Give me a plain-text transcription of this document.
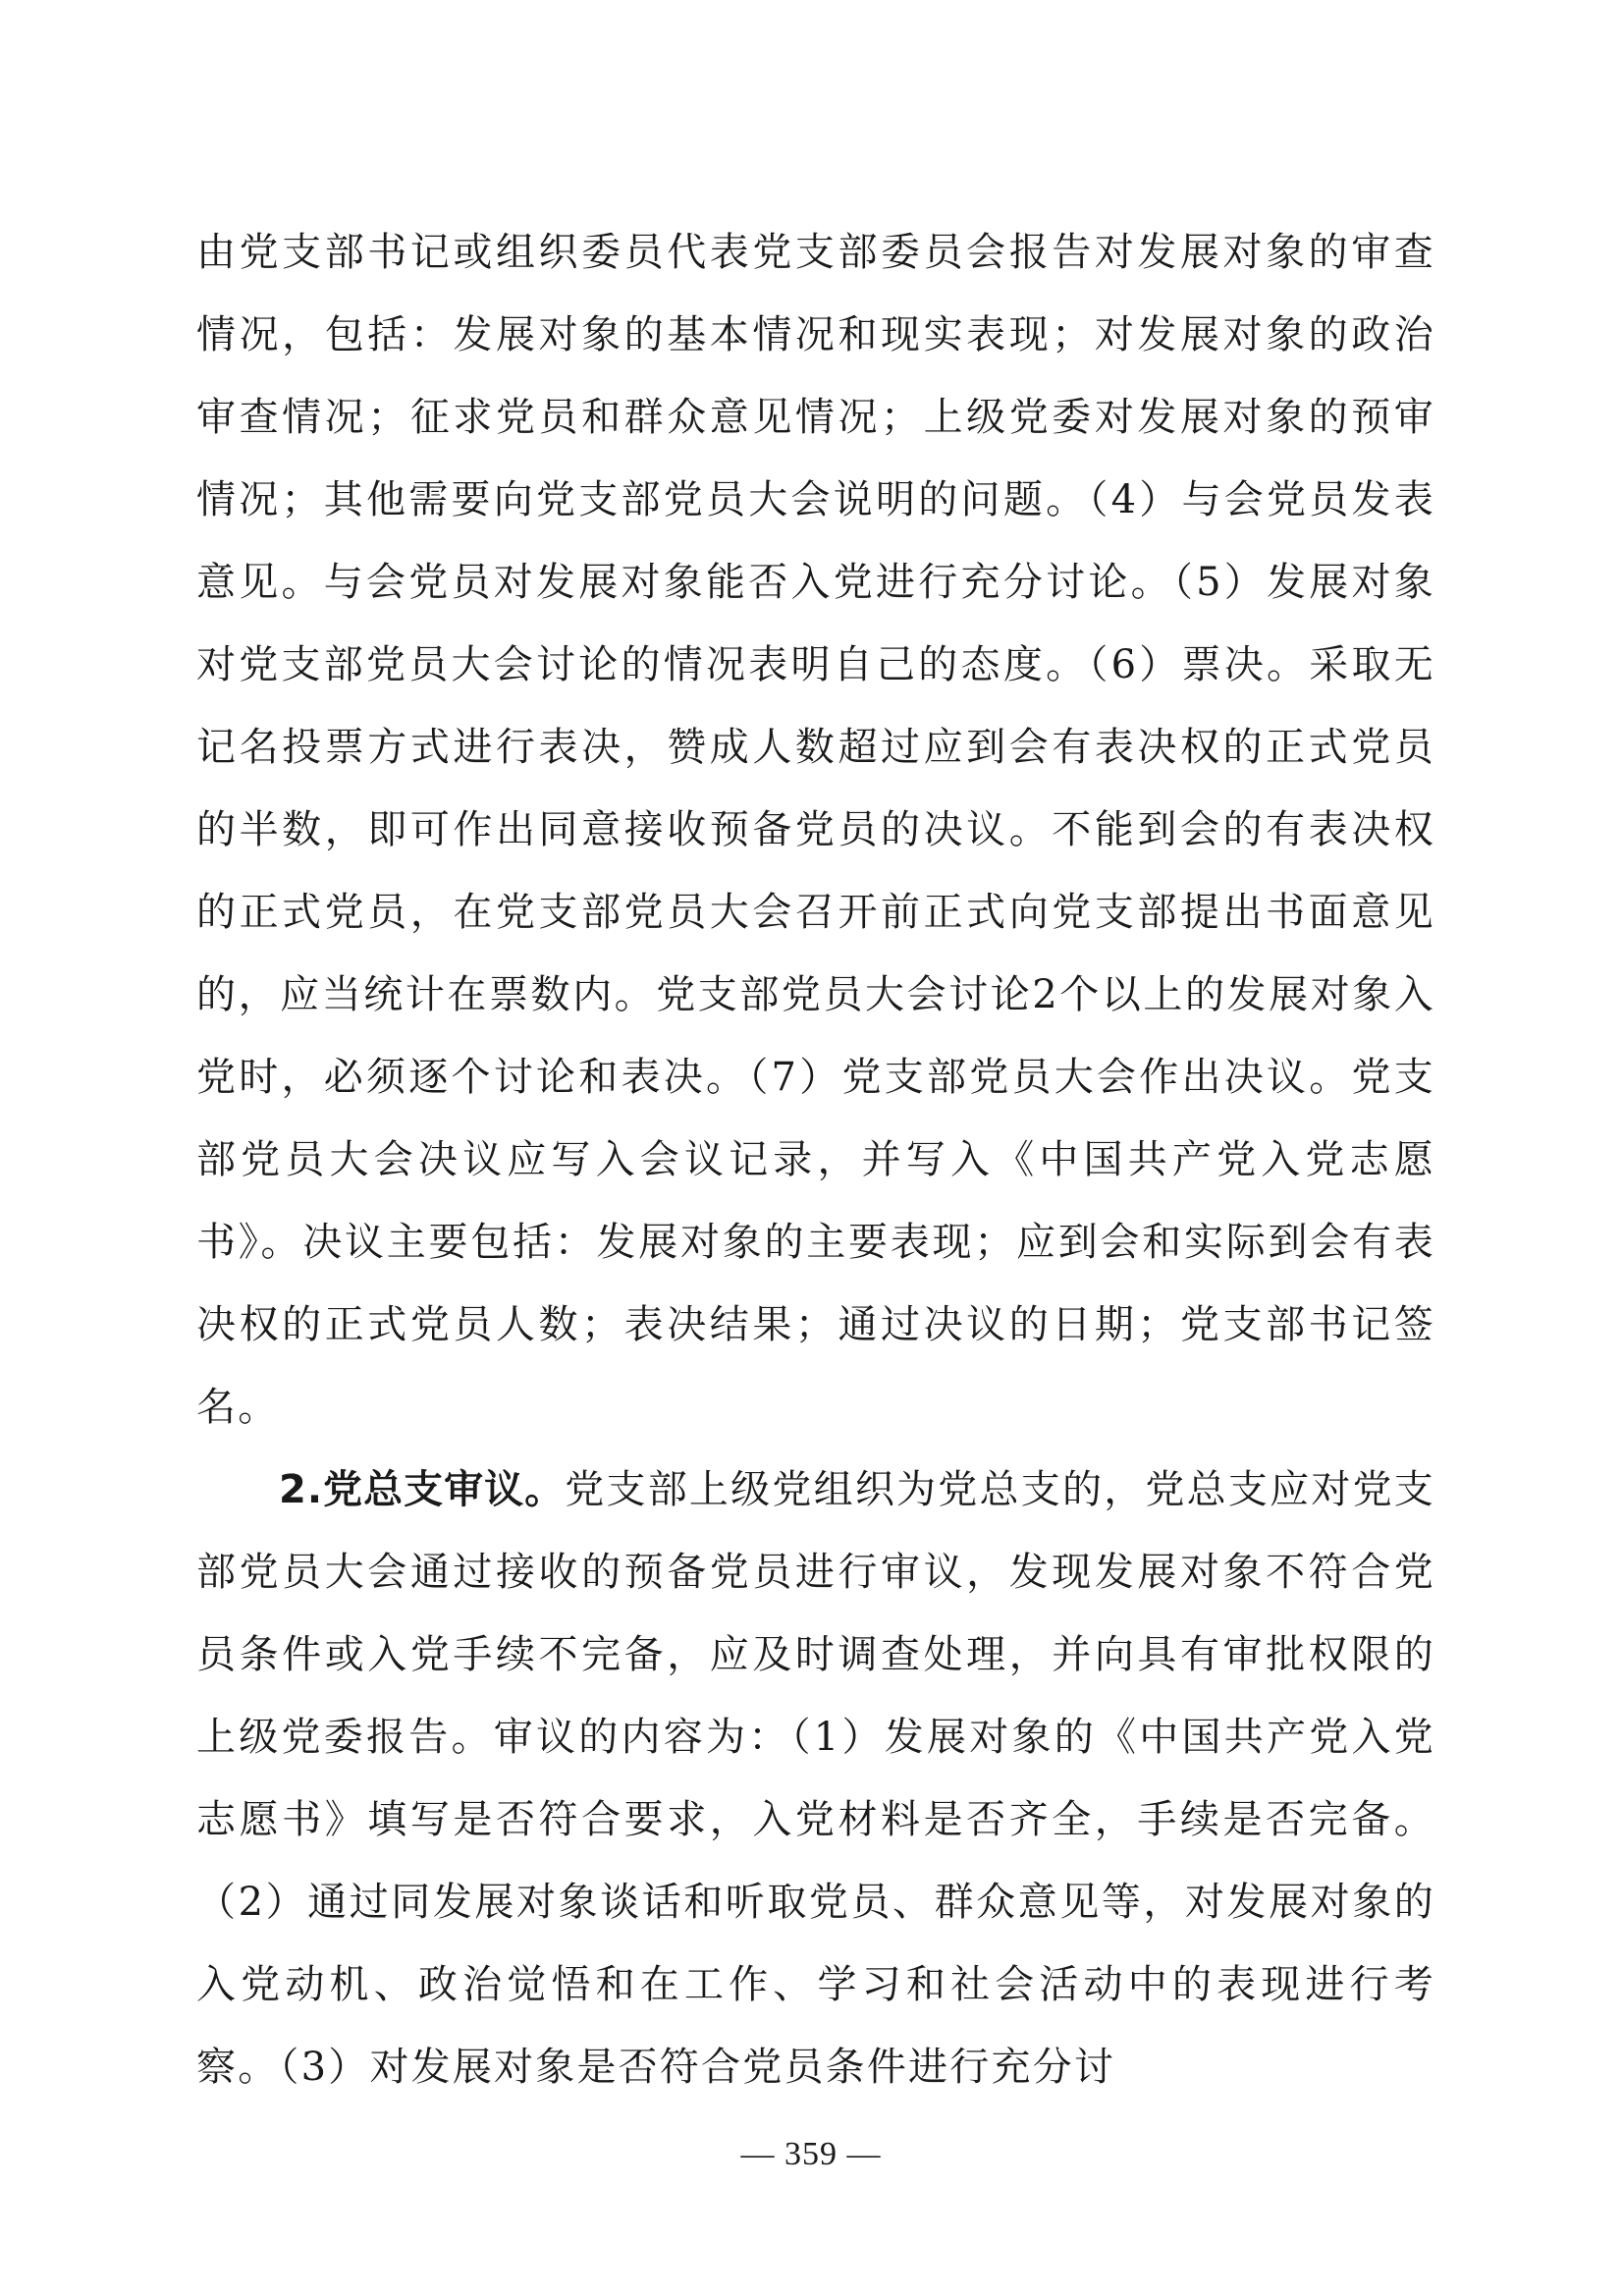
由党支部书记或组织委员代表党支部委员会报告对发展对象的审查情况，包括：发展对象的基本情况和现实表现；对发展对象的政治审查情况；征求党员和群众意见情况；上级党委对发展对象的预审情况；其他需要向党支部党员大会说明的问题。（4）与会党员发表意见。与会党员对发展对象能否入党进行充分讨论。（5）发展对象对党支部党员大会讨论的情况表明自己的态度。（6）票决。采取无记名投票方式进行表决，赞成人数超过应到会有表决权的正式党员的半数，即可作出同意接收预备党员的决议。不能到会的有表决权的正式党员，在党支部党员大会召开前正式向党支部提出书面意见的，应当统计在票数内。党支部党员大会讨论2个以上的发展对象入党时，必须逐个讨论和表决。（7）党支部党员大会作出决议。党支部党员大会决议应写入会议记录，并写入《中国共产党入党志愿书》。决议主要包括：发展对象的主要表现；应到会和实际到会有表决权的正式党员人数；表决结果；通过决议的日期；党支部书记签名。

2.党总支审议。党支部上级党组织为党总支的，党总支应对党支部党员大会通过接收的预备党员进行审议，发现发展对象不符合党员条件或入党手续不完备，应及时调查处理，并向具有审批权限的上级党委报告。审议的内容为：（1）发展对象的《中国共产党入党志愿书》填写是否符合要求，入党材料是否齐全，手续是否完备。（2）通过同发展对象谈话和听取党员、群众意见等，对发展对象的入党动机、政治觉悟和在工作、学习和社会活动中的表现进行考察。（3）对发展对象是否符合党员条件进行充分讨

— 359 —
